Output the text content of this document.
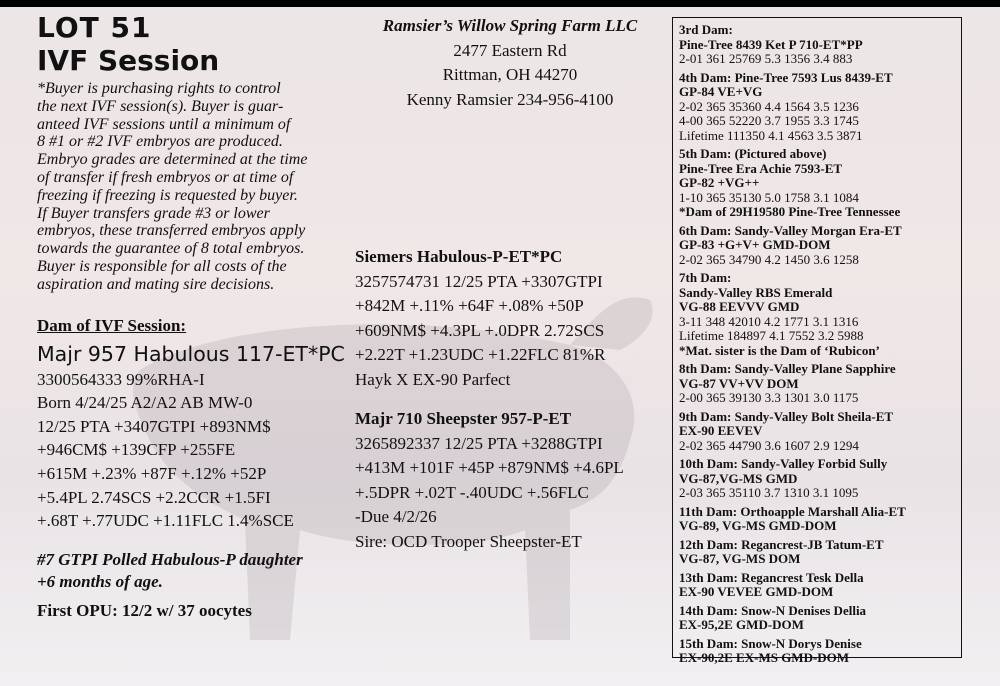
LOT 51
IVF Session
*Buyer is purchasing rights to control
the next IVF session(s). Buyer is guar-
anteed IVF sessions until a minimum of
8 #1 or #2 IVF embryos are produced.
Embryo grades are determined at the time
of transfer if fresh embryos or at time of
freezing if freezing is requested by buyer.
If Buyer transfers grade #3 or lower
embryos, these transferred embryos apply
towards the guarantee of 8 total embryos.
Buyer is responsible for all costs of the
aspiration and mating sire decisions.
Dam of IVF Session:
Majr 957 Habulous 117-ET*PC
3300564333 99%RHA-I
Born 4/24/25 A2/A2 AB MW-0
12/25 PTA +3407GTPI +893NM$
+946CM$ +139CFP +255FE
+615M +.23% +87F +.12% +52P
+5.4PL 2.74SCS +2.2CCR +1.5FI
+.68T +.77UDC +1.11FLC 1.4%SCE
#7 GTPI Polled Habulous-P daughter
+6 months of age.
First OPU: 12/2 w/ 37 oocytes
Ramsier’s Willow Spring Farm LLC
2477 Eastern Rd
Rittman, OH 44270
Kenny Ramsier 234-956-4100
Siemers Habulous-P-ET*PC
3257574731 12/25 PTA +3307GTPI
+842M +.11% +64F +.08% +50P
+609NM$ +4.3PL +.0DPR 2.72SCS
+2.22T +1.23UDC +1.22FLC 81%R
Hayk X EX-90 Parfect
Majr 710 Sheepster 957-P-ET
3265892337 12/25 PTA +3288GTPI
+413M +101F +45P +879NM$ +4.6PL
+.5DPR +.02T -.40UDC +.56FLC
-Due 4/2/26
Sire: OCD Trooper Sheepster-ET
3rd Dam:
Pine-Tree 8439 Ket P 710-ET*PP
2-01 361 25769 5.3 1356 3.4 883
4th Dam: Pine-Tree 7593 Lus 8439-ET
GP-84 VE+VG
2-02 365 35360 4.4 1564 3.5 1236
4-00 365 52220 3.7 1955 3.3 1745
Lifetime 111350 4.1 4563 3.5 3871
5th Dam: (Pictured above)
Pine-Tree Era Achie 7593-ET
GP-82 +VG++
1-10 365 35130 5.0 1758 3.1 1084
*Dam of 29H19580 Pine-Tree Tennessee
6th Dam: Sandy-Valley Morgan Era-ET
GP-83 +G+V+ GMD-DOM
2-02 365 34790 4.2 1450 3.6 1258
7th Dam:
Sandy-Valley RBS Emerald
VG-88 EEVVV GMD
3-11 348 42010 4.2 1771 3.1 1316
Lifetime 184897 4.1 7552 3.2 5988
*Mat. sister is the Dam of ‘Rubicon’
8th Dam: Sandy-Valley Plane Sapphire
VG-87 VV+VV DOM
2-00 365 39130 3.3 1301 3.0 1175
9th Dam: Sandy-Valley Bolt Sheila-ET
EX-90 EEVEV
2-02 365 44790 3.6 1607 2.9 1294
10th Dam: Sandy-Valley Forbid Sully
VG-87,VG-MS GMD
2-03 365 35110 3.7 1310 3.1 1095
11th Dam: Orthoapple Marshall Alia-ET
VG-89, VG-MS GMD-DOM
12th Dam: Regancrest-JB Tatum-ET
VG-87, VG-MS DOM
13th Dam: Regancrest Tesk Della
EX-90 VEVEE GMD-DOM
14th Dam: Snow-N Denises Dellia
EX-95,2E GMD-DOM
15th Dam: Snow-N Dorys Denise
EX-90,2E EX-MS GMD-DOM
